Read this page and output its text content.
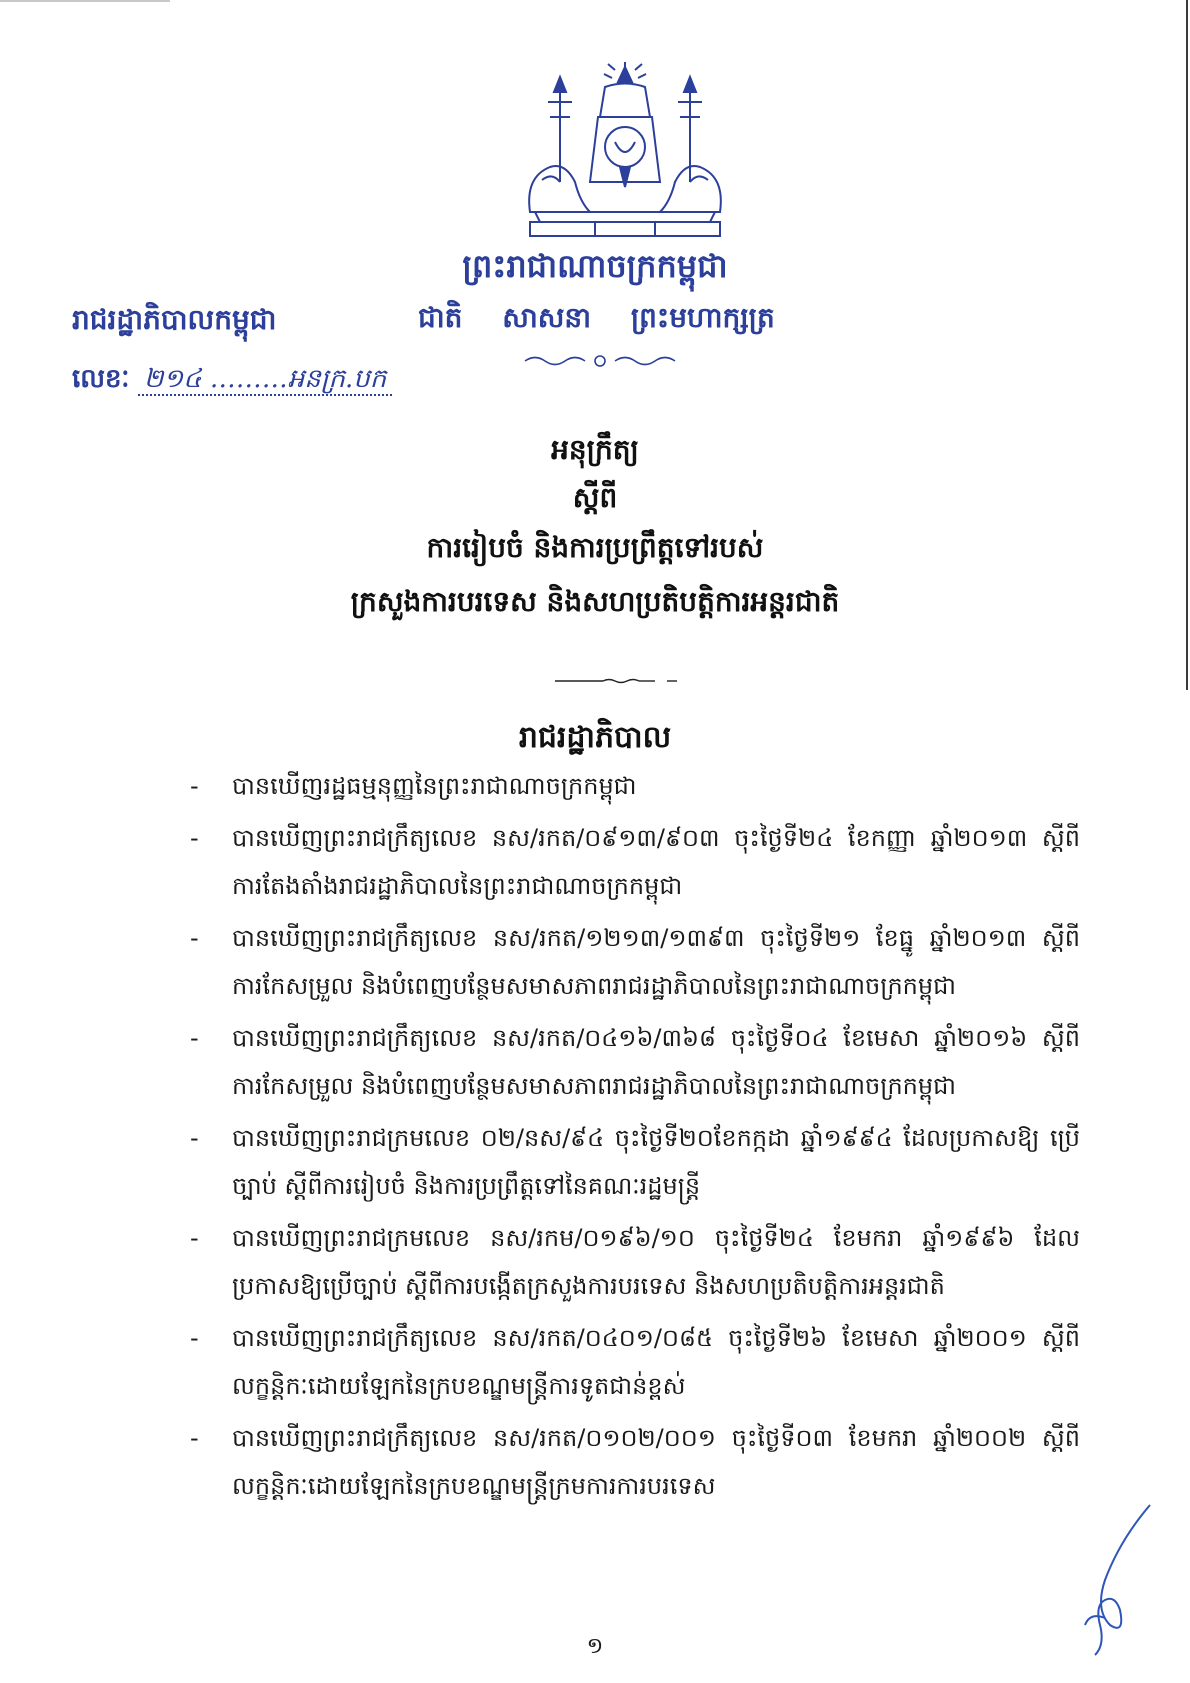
ព្រះរាជាណាចក្រកម្ពុជា
ជាតិ សាសនា ព្រះមហាក្សត្រ
រាជរដ្ឋាភិបាលកម្ពុជា
លេខៈ ២១៤ ………អនក្រ.បក
អនុក្រឹត្យ
ស្តីពី
ការរៀបចំ និងការប្រព្រឹត្តទៅរបស់
ក្រសួងការបរទេស និងសហប្រតិបត្តិការអន្តរជាតិ
រាជរដ្ឋាភិបាល
- បានឃើញរដ្ឋធម្មនុញ្ញនៃព្រះរាជាណាចក្រកម្ពុជា
- បានឃើញព្រះរាជក្រឹត្យលេខ នស/រកត/០៩១៣/៩០៣ ចុះថ្ងៃទី២៤ ខែកញ្ញា ឆ្នាំ២០១៣ ស្តីពី ការតែងតាំងរាជរដ្ឋាភិបាលនៃព្រះរាជាណាចក្រកម្ពុជា
- បានឃើញព្រះរាជក្រឹត្យលេខ នស/រកត/១២១៣/១៣៩៣ ចុះថ្ងៃទី២១ ខែធ្នូ ឆ្នាំ២០១៣ ស្តីពី ការកែសម្រួល និងបំពេញបន្ថែមសមាសភាពរាជរដ្ឋាភិបាលនៃព្រះរាជាណាចក្រកម្ពុជា
- បានឃើញព្រះរាជក្រឹត្យលេខ នស/រកត/០៤១៦/៣៦៨ ចុះថ្ងៃទី០៤ ខែមេសា ឆ្នាំ២០១៦ ស្តីពី ការកែសម្រួល និងបំពេញបន្ថែមសមាសភាពរាជរដ្ឋាភិបាលនៃព្រះរាជាណាចក្រកម្ពុជា
- បានឃើញព្រះរាជក្រមលេខ ០២/នស/៩៤ ចុះថ្ងៃទី២០ខែកក្កដា ឆ្នាំ១៩៩៤ ដែលប្រកាសឱ្យ ប្រើច្បាប់ ស្តីពីការរៀបចំ និងការប្រព្រឹត្តទៅនៃគណៈរដ្ឋមន្ត្រី
- បានឃើញព្រះរាជក្រមលេខ នស/រកម/០១៩៦/១០ ចុះថ្ងៃទី២៤ ខែមករា ឆ្នាំ១៩៩៦ ដែល ប្រកាសឱ្យប្រើច្បាប់ ស្តីពីការបង្កើតក្រសួងការបរទេស និងសហប្រតិបត្តិការអន្តរជាតិ
- បានឃើញព្រះរាជក្រឹត្យលេខ នស/រកត/០៤០១/០៨៥ ចុះថ្ងៃទី២៦ ខែមេសា ឆ្នាំ២០០១ ស្តីពី លក្ខន្តិកៈដោយឡែកនៃក្របខណ្ឌមន្ត្រីការទូតជាន់ខ្ពស់
- បានឃើញព្រះរាជក្រឹត្យលេខ នស/រកត/០១០២/០០១ ចុះថ្ងៃទី០៣ ខែមករា ឆ្នាំ២០០២ ស្តីពី លក្ខន្តិកៈដោយឡែកនៃក្របខណ្ឌមន្ត្រីក្រមការការបរទេស
១
